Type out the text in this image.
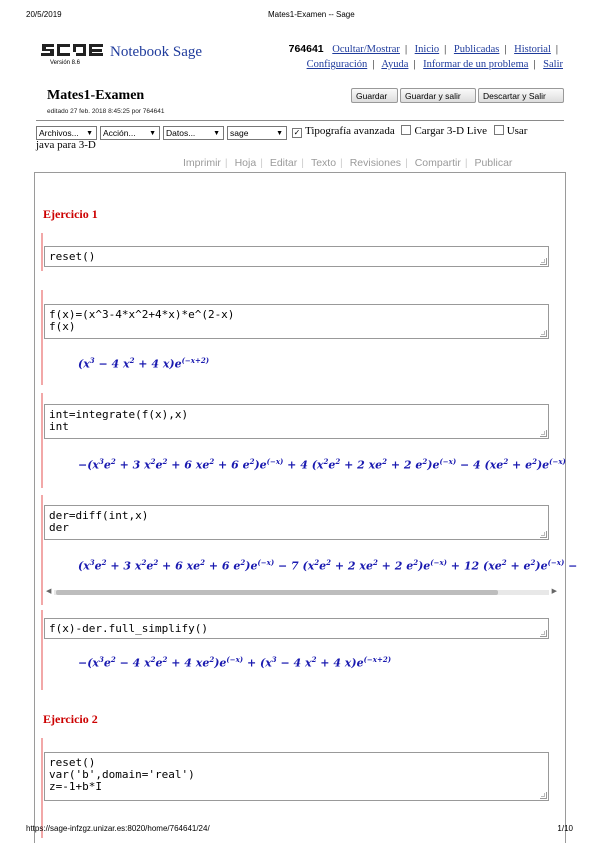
20/5/2019	Mates1-Examen -- Sage
Notebook Sage
Versión 8.6
764641 Ocultar/Mostrar | Inicio | Publicadas | Historial |
Configuración | Ayuda | Informar de un problema | Salir
Mates1-Examen
editado 27 feb. 2018 8:45:25 por 764641
Guardar	Guardar y salir	Descartar y Salir
Archivos... ▼	Acción... ▼	Datos...	▼	sage	▼	✓ Tipografía avanzada Cargar 3-D Live Usar
java para 3-D
Imprimir | Hoja | Editar | Texto | Revisiones | Compartir | Publicar
Ejercicio 1
reset()
f(x)=(x^3-4*x^2+4*x)*e^(2-x)
f(x)
($x^3 - 4$ $x^2 + 4$ $x)e^{(-x+2)}$
int=integrate(f(x),x)
int
$-(x^3e^2 + 3$ $x^2e^2 + 6$ $xe^2 + 6$ $e^2)e^{(-x)} + 4$ ($x^2e^2 + 2$ $xe^2 + 2$ $e^2)e^{(-x)} - 4$ $(xe^2 + e^2)e^{(-x)}$
der=diff(int,x)
der
($x^3e^2 + 3$ $x^2e^2 + 6$ $xe^2 + 6$ $e^2)e^{(-x)} - 7$ ($x^2e^2 + 2$ $xe^2 + 2$ $e^2)e^{(-x)} + 12$ $(xe^2 + e^2)e^{(-x)}$ −
◀	▶
f(x)-der.full_simplify()
$-(x^3e^2 - 4$ $x^2e^2 + 4$ $xe^2)e^{(-x)} + (x^3 - 4$ $x^2 + 4$ $x)e^{(-x+2)}$
Ejercicio 2
reset()
var('b',domain='real')
z=-1+b*I
https://sage-infzgz.unizar.es:8020/home/764641/24/	1/10
